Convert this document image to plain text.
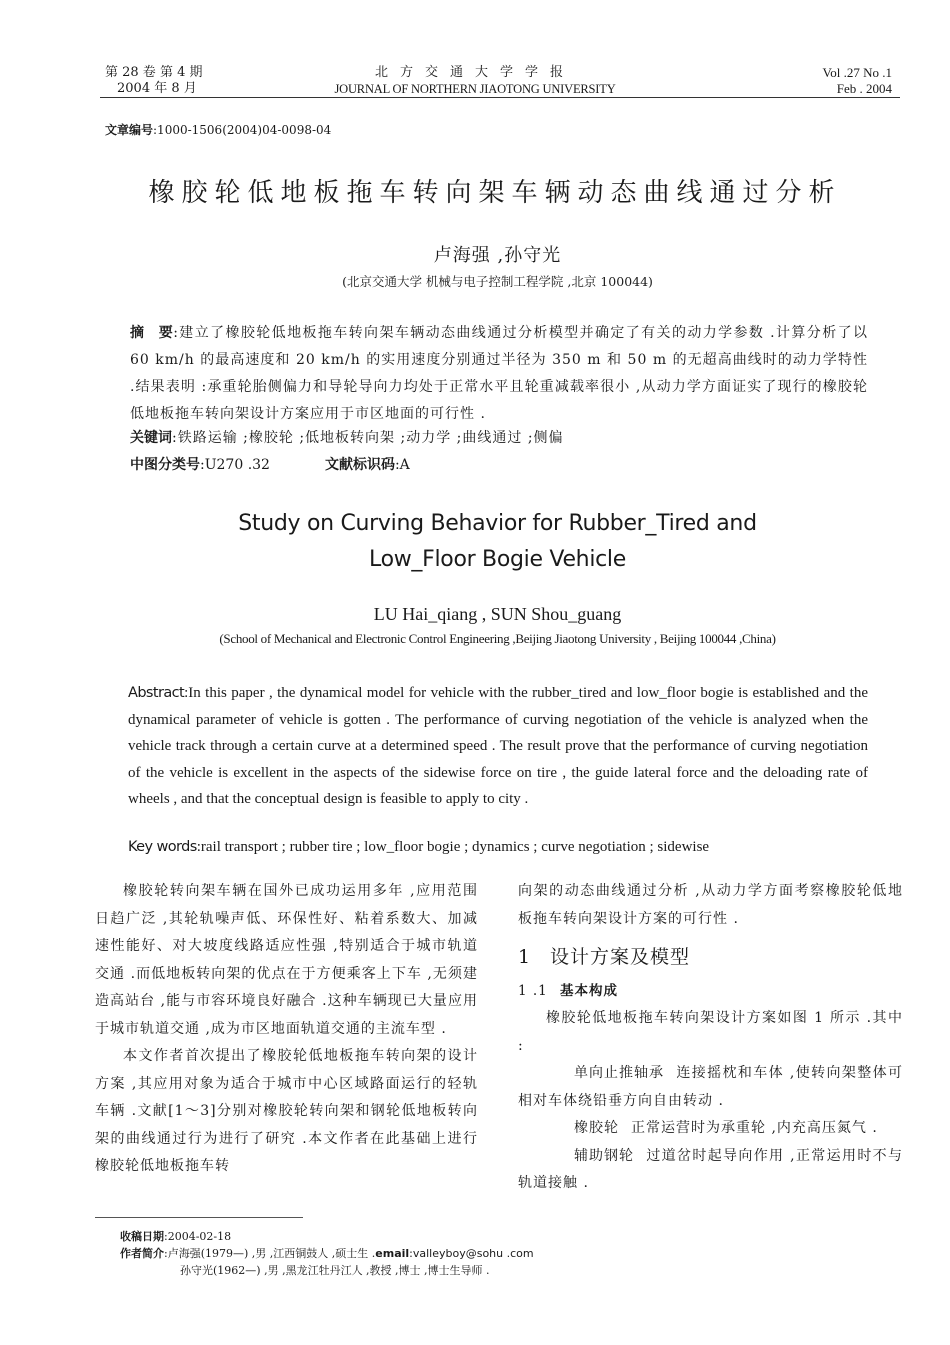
第 28 卷 第 4 期
2004 年 8 月
北方交通大学学报
JOURNAL OF NORTHERN JIAOTONG UNIVERSITY
Vol .27 No .1
Feb . 2004
文章编号:1000-1506(2004)04-0098-04
橡胶轮低地板拖车转向架车辆动态曲线通过分析
卢海强 ,孙守光
(北京交通大学 机械与电子控制工程学院 ,北京 100044)
摘　要:建立了橡胶轮低地板拖车转向架车辆动态曲线通过分析模型并确定了有关的动力学参数 .计算分析了以 60 km/h 的最高速度和 20 km/h 的实用速度分别通过半径为 350 m 和 50 m 的无超高曲线时的动力学特性 .结果表明 :承重轮胎侧偏力和导轮导向力均处于正常水平且轮重减载率很小 ,从动力学方面证实了现行的橡胶轮低地板拖车转向架设计方案应用于市区地面的可行性 .
关键词:铁路运输 ;橡胶轮 ;低地板转向架 ;动力学 ;曲线通过 ;侧偏
中图分类号:U270 .32	文献标识码:A
Study on Curving Behavior for Rubber_Tired and
Low_Floor Bogie Vehicle
LU Hai_qiang , SUN Shou_guang
(School of Mechanical and Electronic Control Engineering ,Beijing Jiaotong University , Beijing 100044 ,China)
Abstract:In this paper , the dynamical model for vehicle with the rubber_tired and low_floor bogie is established and the dynamical parameter of vehicle is gotten . The performance of curving negotiation of the vehicle is analyzed when the vehicle track through a certain curve at a determined speed . The result prove that the performance of curving negotiation of the vehicle is excellent in the aspects of the sidewise force on tire , the guide lateral force and the deloading rate of wheels , and that the conceptual design is feasible to apply to city .
Key words:rail transport ; rubber tire ; low_floor bogie ; dynamics ; curve negotiation ; sidewise

橡胶轮转向架车辆在国外已成功运用多年 ,应用范围日趋广泛 ,其轮轨噪声低、环保性好、粘着系数大、加减速性能好、对大坡度线路适应性强 ,特别适合于城市轨道交通 .而低地板转向架的优点在于方便乘客上下车 ,无须建造高站台 ,能与市容环境良好融合 .这种车辆现已大量应用于城市轨道交通 ,成为市区地面轨道交通的主流车型 .

本文作者首次提出了橡胶轮低地板拖车转向架的设计方案 ,其应用对象为适合于城市中心区域路面运行的轻轨车辆 .文献[1～3]分别对橡胶轮转向架和钢轮低地板转向架的曲线通过行为进行了研究 .本文作者在此基础上进行橡胶轮低地板拖车转

向架的动态曲线通过分析 ,从动力学方面考察橡胶轮低地板拖车转向架设计方案的可行性 .

1 设计方案及模型
1 .1 基本构成

橡胶轮低地板拖车转向架设计方案如图 1 所示 .其中 :

单向止推轴承 连接摇枕和车体 ,使转向架整体可相对车体绕铅垂方向自由转动 .

橡胶轮 正常运营时为承重轮 ,内充高压氮气 .

辅助钢轮 过道岔时起导向作用 ,正常运用时不与轨道接触 .

收稿日期:2004-02-18
作者简介:卢海强(1979—) ,男 ,江西铜鼓人 ,硕士生 .email:valleyboy@sohu .com
孙守光(1962—) ,男 ,黑龙江牡丹江人 ,教授 ,博士 ,博士生导师 .
